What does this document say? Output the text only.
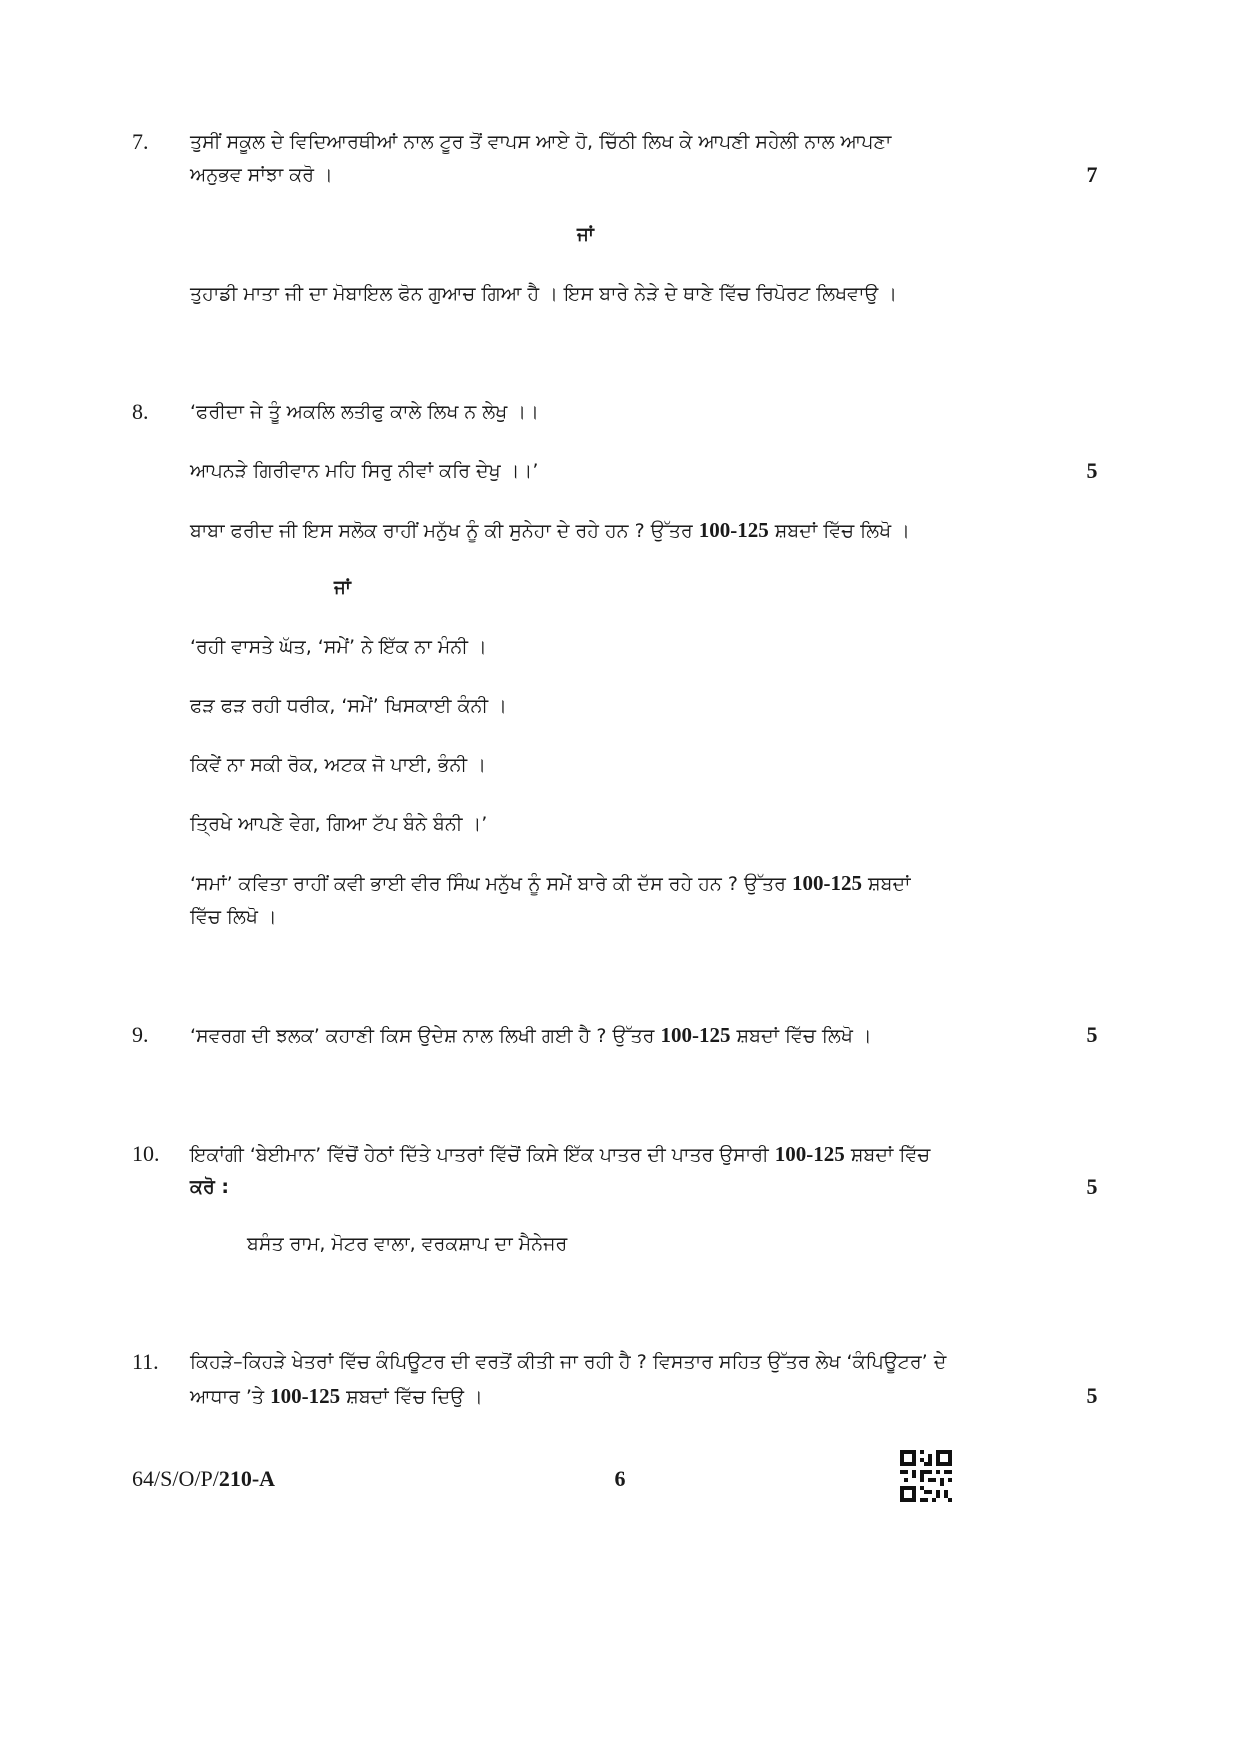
7. ਤੁਸੀਂ ਸਕੂਲ ਦੇ ਵਿਦਿਆਰਥੀਆਂ ਨਾਲ ਟੂਰ ਤੋਂ ਵਾਪਸ ਆਏ ਹੋ, ਚਿੱਠੀ ਲਿਖ ਕੇ ਆਪਣੀ ਸਹੇਲੀ ਨਾਲ ਆਪਣਾ
ਅਨੁਭਵ ਸਾਂਝਾ ਕਰੋ ।	7
ਜਾਂ
ਤੁਹਾਡੀ ਮਾਤਾ ਜੀ ਦਾ ਮੋਬਾਇਲ ਫੋਨ ਗੁਆਚ ਗਿਆ ਹੈ । ਇਸ ਬਾਰੇ ਨੇੜੇ ਦੇ ਥਾਣੇ ਵਿੱਚ ਰਿਪੋਰਟ ਲਿਖਵਾਉ ।
8. ‘ਫਰੀਦਾ ਜੇ ਤੂੰ ਅਕਲਿ ਲਤੀਫੁ ਕਾਲੇ ਲਿਖ ਨ ਲੇਖੁ ।।
ਆਪਨੜੇ ਗਿਰੀਵਾਨ ਮਹਿ ਸਿਰੁ ਨੀਵਾਂ ਕਰਿ ਦੇਖੁ ।।’	5
ਬਾਬਾ ਫਰੀਦ ਜੀ ਇਸ ਸਲੋਕ ਰਾਹੀਂ ਮਨੁੱਖ ਨੂੰ ਕੀ ਸੁਨੇਹਾ ਦੇ ਰਹੇ ਹਨ ? ਉੱਤਰ 100-125 ਸ਼ਬਦਾਂ ਵਿੱਚ ਲਿਖੋ ।
ਜਾਂ
‘ਰਹੀ ਵਾਸਤੇ ਘੱਤ, ‘ਸਮੇਂ’ ਨੇ ਇੱਕ ਨਾ ਮੰਨੀ ।
ਫੜ ਫੜ ਰਹੀ ਧਰੀਕ, ‘ਸਮੇਂ’ ਖਿਸਕਾਈ ਕੰਨੀ ।
ਕਿਵੇਂ ਨਾ ਸਕੀ ਰੋਕ, ਅਟਕ ਜੋ ਪਾਈ, ਭੰਨੀ ।
ਤ੍ਰਿਖੇ ਆਪਣੇ ਵੇਗ, ਗਿਆ ਟੱਪ ਬੰਨੇ ਬੰਨੀ ।’
‘ਸਮਾਂ’ ਕਵਿਤਾ ਰਾਹੀਂ ਕਵੀ ਭਾਈ ਵੀਰ ਸਿੰਘ ਮਨੁੱਖ ਨੂੰ ਸਮੇਂ ਬਾਰੇ ਕੀ ਦੱਸ ਰਹੇ ਹਨ ? ਉੱਤਰ 100-125 ਸ਼ਬਦਾਂ
ਵਿੱਚ ਲਿਖੋ ।
9. ‘ਸਵਰਗ ਦੀ ਝਲਕ’ ਕਹਾਣੀ ਕਿਸ ਉਦੇਸ਼ ਨਾਲ ਲਿਖੀ ਗਈ ਹੈ ? ਉੱਤਰ 100-125 ਸ਼ਬਦਾਂ ਵਿੱਚ ਲਿਖੋ ।	5
10. ਇਕਾਂਗੀ ‘ਬੇਈਮਾਨ’ ਵਿੱਚੋਂ ਹੇਠਾਂ ਦਿੱਤੇ ਪਾਤਰਾਂ ਵਿੱਚੋਂ ਕਿਸੇ ਇੱਕ ਪਾਤਰ ਦੀ ਪਾਤਰ ਉਸਾਰੀ 100-125 ਸ਼ਬਦਾਂ ਵਿੱਚ
ਕਰੋ :	5
ਬਸੰਤ ਰਾਮ, ਮੋਟਰ ਵਾਲਾ, ਵਰਕਸ਼ਾਪ ਦਾ ਮੈਨੇਜਰ
11. ਕਿਹੜੇ–ਕਿਹੜੇ ਖੇਤਰਾਂ ਵਿੱਚ ਕੰਪਿਊਟਰ ਦੀ ਵਰਤੋਂ ਕੀਤੀ ਜਾ ਰਹੀ ਹੈ ? ਵਿਸਤਾਰ ਸਹਿਤ ਉੱਤਰ ਲੇਖ ‘ਕੰਪਿਊਟਰ’ ਦੇ
ਆਧਾਰ ’ਤੇ 100-125 ਸ਼ਬਦਾਂ ਵਿੱਚ ਦਿਉ ।	5
64/S/O/P/210-A	6
